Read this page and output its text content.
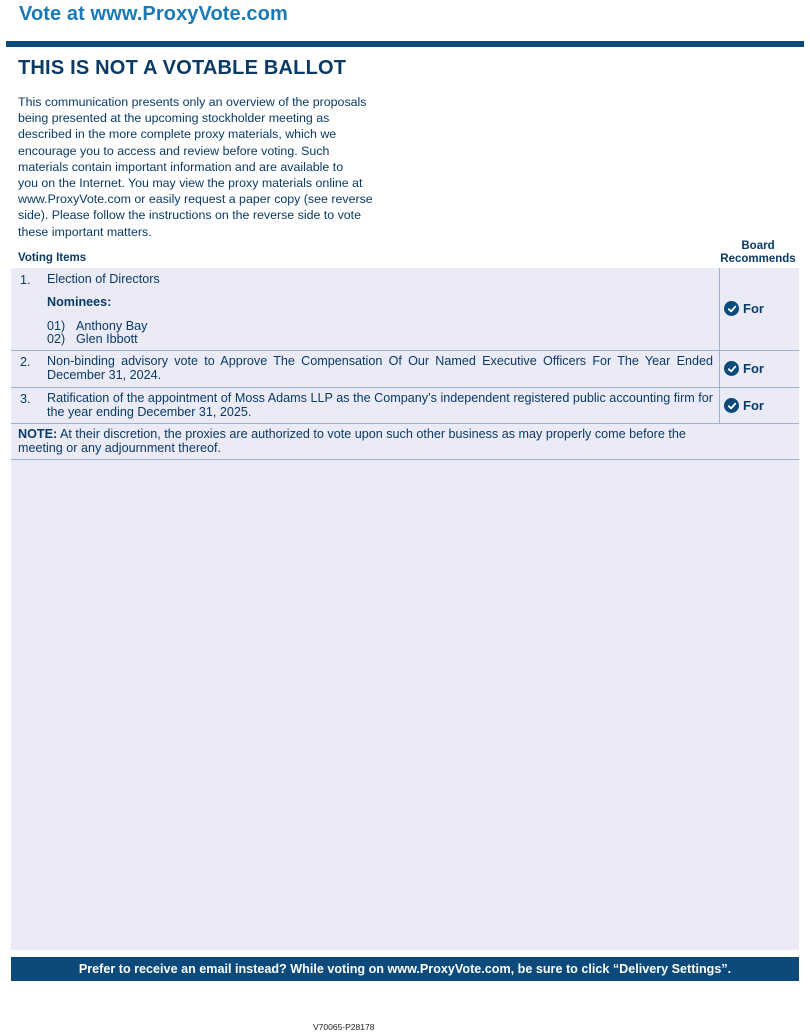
Vote at www.ProxyVote.com
THIS IS NOT A VOTABLE BALLOT
This communication presents only an overview of the proposals
being presented at the upcoming stockholder meeting as
described in the more complete proxy materials, which we
encourage you to access and review before voting. Such
materials contain important information and are available to
you on the Internet. You may view the proxy materials online at
www.ProxyVote.com or easily request a paper copy (see reverse
side). Please follow the instructions on the reverse side to vote
these important matters.
Voting Items
Board
Recommends
1. Election of Directors
Nominees:
01) Anthony Bay
02) Glen Ibbott
For
2. Non-binding advisory vote to Approve The Compensation Of Our Named Executive Officers For The Year Ended December 31, 2024.	For
3. Ratification of the appointment of Moss Adams LLP as the Company’s independent registered public accounting firm for the year ending December 31, 2025.	For
NOTE: At their discretion, the proxies are authorized to vote upon such other business as may properly come before the meeting or any adjournment thereof.
Prefer to receive an email instead? While voting on www.ProxyVote.com, be sure to click “Delivery Settings”.
V70065-P28178
